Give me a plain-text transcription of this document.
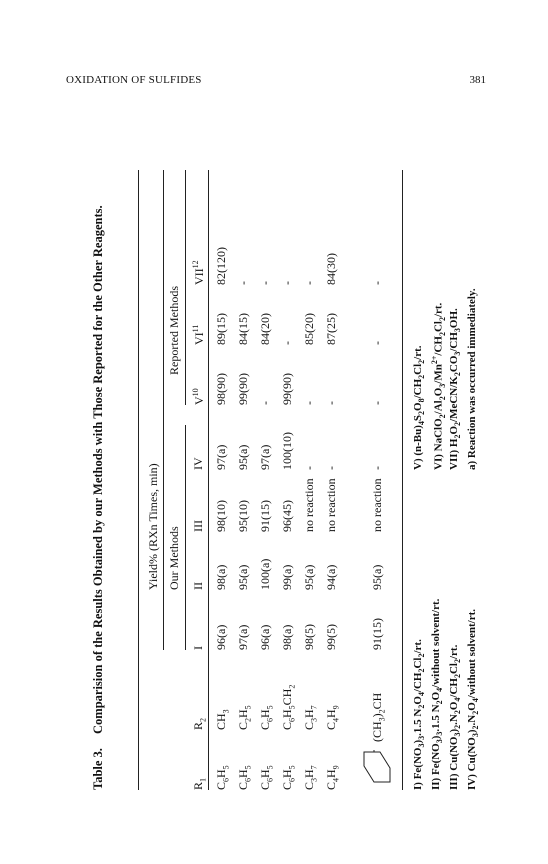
OXIDATION OF SULFIDES	381
Table 3.
Comparision of the Results Obtained by our Methods with Those Reported for the Other Reagents.	Yield% (RXn Times, min) Our Methods
Reported Methods
$R_1$
$R_2$
I
II
III
IV
$V^{10}$
VI$^{11}$
VII$^{12}$
$C_6H_5$
$CH_3$
96(a)
98(a)
98(10)
97(a)
98(90)
89(15)
82(120)
$C_6H_5$
$C_2H_5$
97(a)
95(a)
95(10)
95(a)
99(90)
84(15)
-
$C_6H_5$
$C_6H_5$
96(a)
100(a)
91(15)
97(a)
-
84(20)
-
$C_6H_5$
$C_6H_5CH_2$
98(a)
99(a)
96(45)
100(10)
99(90)
-
-
$C_3H_7$
$C_3H_7$
98(5)
95(a)
no reaction
-
-
85(20)
-
$C_4H_9$
$C_4H_9$
99(5)
94(a)
no reaction
-
-
87(25)
84(30)
$(CH_3)_2CH$
91(15)
95(a)
no reaction
-
-
-
-
I) $Fe(NO_3)_3.1.5$ $N_2O_4/CH_2Cl_2/rt$.
II) $Fe(NO_3)_3.1.5$ $N_2O_4$/without solvent/rt.
III) $Cu(NO_3)_2.N_2O_4/CH_2Cl_2/rt$.
IV) $Cu(NO_3)_2.N_2O_4$/without solvent/rt.
V) $(n-Bu)_4S_2O_8/CH_2Cl_2/rt$.
VI) $NaClO_2/Al_2O_3/Mn^{2+}/CH_2Cl_2/rt$.
VII) $H_2O_2/MeCN/K_2CO_3/CH_3OH$. a) Reaction was occurred immediately.
